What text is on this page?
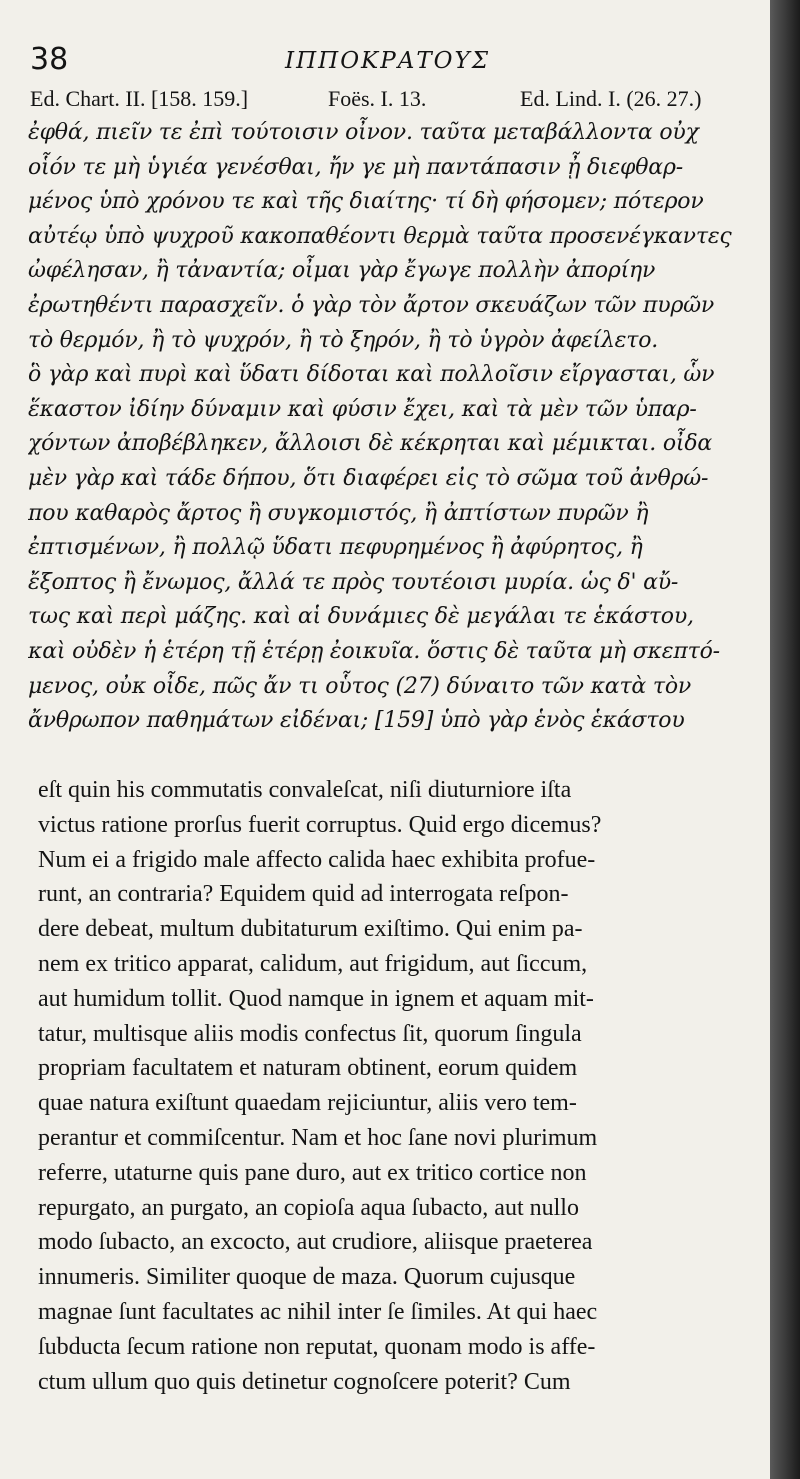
38	ΙΠΠΟΚΡΑΤΟΥΣ
Ed. Chart. II. [158. 159.]	Foës. I. 13.	Ed. Lind. I. (26. 27.)
ἐφθά, πιεῖν τε ἐπὶ τούτοισιν οἶνον. ταῦτα μεταβάλλοντα οὐχ
οἷόν τε μὴ ὑγιέα γενέσθαι, ἤν γε μὴ παντάπασιν ᾖ διεφθαρ-
μένος ὑπὸ χρόνου τε καὶ τῆς διαίτης· τί δὴ φήσομεν; πότερον
αὐτέῳ ὑπὸ ψυχροῦ κακοπαθέοντι θερμὰ ταῦτα προσενέγκαντες
ὠφέλησαν, ἢ τἀναντία; οἶμαι γὰρ ἔγωγε πολλὴν ἀπορίην
ἐρωτηθέντι παρασχεῖν. ὁ γὰρ τὸν ἄρτον σκευάζων τῶν πυρῶν
τὸ θερμόν, ἢ τὸ ψυχρόν, ἢ τὸ ξηρόν, ἢ τὸ ὑγρὸν ἀφείλετο.
ὃ γὰρ καὶ πυρὶ καὶ ὕδατι δίδοται καὶ πολλοῖσιν εἴργασται, ὧν
ἕκαστον ἰδίην δύναμιν καὶ φύσιν ἔχει, καὶ τὰ μὲν τῶν ὑπαρ-
χόντων ἀποβέβληκεν, ἄλλοισι δὲ κέκρηται καὶ μέμικται. οἶδα
μὲν γὰρ καὶ τάδε δήπου, ὅτι διαφέρει εἰς τὸ σῶμα τοῦ ἀνθρώ-
που καθαρὸς ἄρτος ἢ συγκομιστός, ἢ ἀπτίστων πυρῶν ἢ
ἐπτισμένων, ἢ πολλῷ ὕδατι πεφυρημένος ἢ ἀφύρητος, ἢ
ἔξοπτος ἢ ἔνωμος, ἄλλά τε πρὸς τουτέοισι μυρία. ὡς δ' αὔ-
τως καὶ περὶ μάζης. καὶ αἱ δυνάμιες δὲ μεγάλαι τε ἑκάστου,
καὶ οὐδὲν ἡ ἑτέρη τῇ ἑτέρῃ ἐοικυῖα. ὅστις δὲ ταῦτα μὴ σκεπτό-
μενος, οὐκ οἶδε, πῶς ἄν τι οὗτος (27) δύναιτο τῶν κατὰ τὸν
ἄνθρωπον παθημάτων εἰδέναι; [159] ὑπὸ γὰρ ἑνὸς ἑκάστου
eſt quin his commutatis convaleſcat, niſi diuturniore iſta
victus ratione prorſus fuerit corruptus. Quid ergo dicemus?
Num ei a frigido male affecto calida haec exhibita profue-
runt, an contraria? Equidem quid ad interrogata reſpon-
dere debeat, multum dubitaturum exiſtimo. Qui enim pa-
nem ex tritico apparat, calidum, aut frigidum, aut ſiccum,
aut humidum tollit. Quod namque in ignem et aquam mit-
tatur, multisque aliis modis confectus ſit, quorum ſingula
propriam facultatem et naturam obtinent, eorum quidem
quae natura exiſtunt quaedam rejiciuntur, aliis vero tem-
perantur et commiſcentur. Nam et hoc ſane novi plurimum
referre, utaturne quis pane duro, aut ex tritico cortice non
repurgato, an purgato, an copioſa aqua ſubacto, aut nullo
modo ſubacto, an excocto, aut crudiore, aliisque praeterea
innumeris. Similiter quoque de maza. Quorum cujusque
magnae ſunt facultates ac nihil inter ſe ſimiles. At qui haec
ſubducta ſecum ratione non reputat, quonam modo is affe-
ctum ullum quo quis detinetur cognoſcere poterit? Cum
